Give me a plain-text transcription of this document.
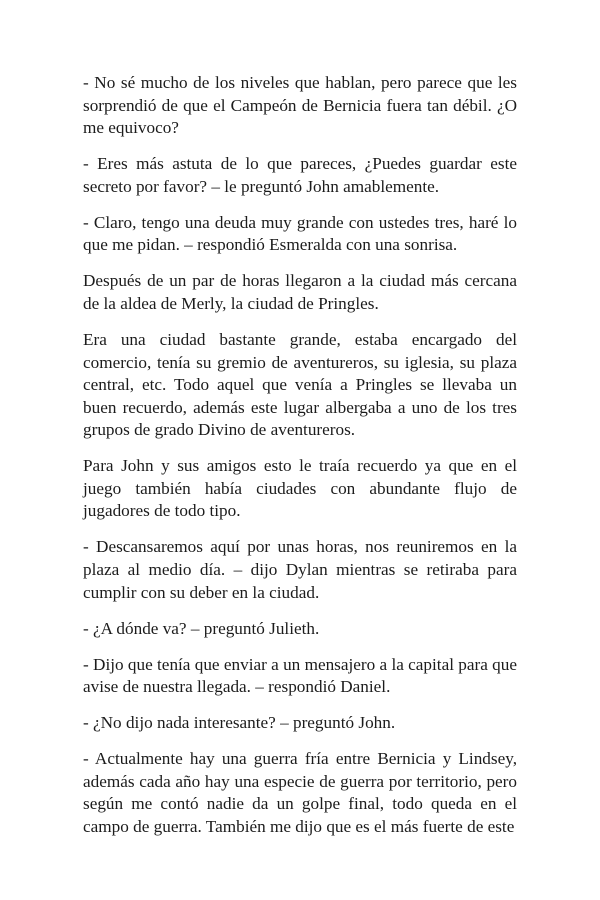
- No sé mucho de los niveles que hablan, pero parece que les sorprendió de que el Campeón de Bernicia fuera tan débil. ¿O me equivoco?

- Eres más astuta de lo que pareces, ¿Puedes guardar este secreto por favor? – le preguntó John amablemente.

- Claro, tengo una deuda muy grande con ustedes tres, haré lo que me pidan. – respondió Esmeralda con una sonrisa.

Después de un par de horas llegaron a la ciudad más cercana de la aldea de Merly, la ciudad de Pringles.

Era una ciudad bastante grande, estaba encargado del comercio, tenía su gremio de aventureros, su iglesia, su plaza central, etc. Todo aquel que venía a Pringles se llevaba un buen recuerdo, además este lugar albergaba a uno de los tres grupos de grado Divino de aventureros.

Para John y sus amigos esto le traía recuerdo ya que en el juego también había ciudades con abundante flujo de jugadores de todo tipo.

- Descansaremos aquí por unas horas, nos reuniremos en la plaza al medio día. – dijo Dylan mientras se retiraba para cumplir con su deber en la ciudad.

- ¿A dónde va? – preguntó Julieth.

- Dijo que tenía que enviar a un mensajero a la capital para que avise de nuestra llegada. – respondió Daniel.

- ¿No dijo nada interesante? – preguntó John.

- Actualmente hay una guerra fría entre Bernicia y Lindsey, además cada año hay una especie de guerra por territorio, pero según me contó nadie da un golpe final, todo queda en el campo de guerra. También me dijo que es el más fuerte de este
